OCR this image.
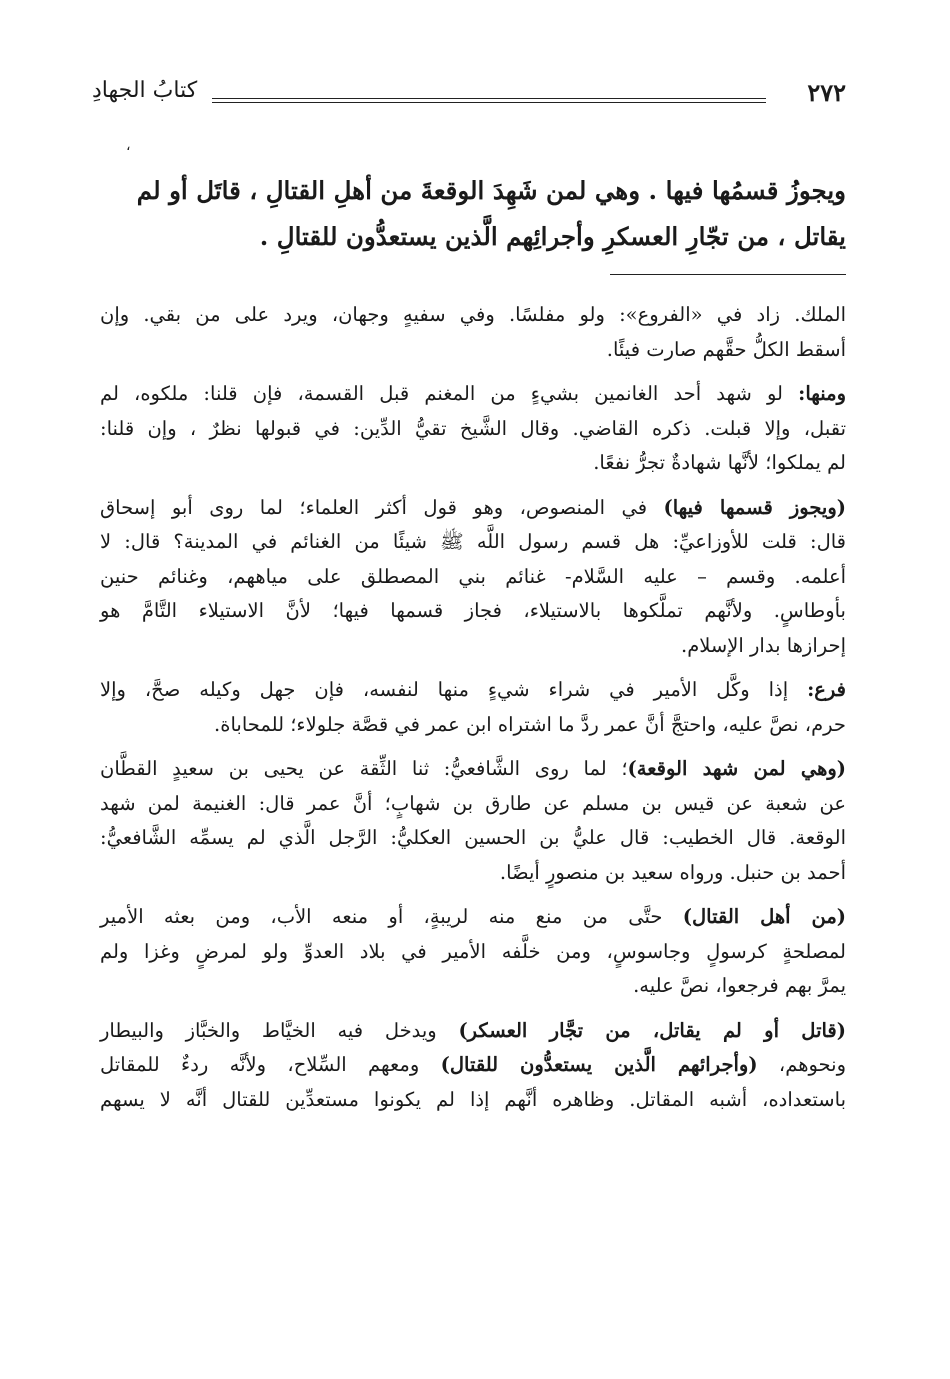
٢٧٢
كتابُ الجهادِ
،
ويجوزُ قسمُها فيها . وهي لمن شَهِدَ الوقعةَ من أهلِ القتالِ ، قاتَل أو لم
يقاتل ، من تجّارِ العسكرِ وأجرائِهم الَّذين يستعدُّون للقتالِ .
الملك. زاد في «الفروع»: ولو مفلسًا. وفي سفيهٍ وجهان، ويرد على من بقي. وإن
أسقط الكلُّ حقَّهم صارت فيئًا.
ومنها: لو شهد أحد الغانمين بشيءٍ من المغنم قبل القسمة، فإن قلنا: ملكوه، لم
تقبل، وإلا قبلت. ذكره القاضي. وقال الشَّيخ تقيُّ الدِّين: في قبولها نظرٌ ، وإن قلنا:
لم يملكوا؛ لأنَّها شهادةٌ تجرُّ نفعًا.
(ويجوز قسمها فيها) في المنصوص، وهو قول أكثر العلماء؛ لما روى أبو إسحاق
قال: قلت للأوزاعيِّ: هل قسم رسول اللَّه ﷺ شيئًا من الغنائم في المدينة؟ قال: لا
أعلمه. وقسم – عليه السَّلام- غنائم بني المصطلق على مياههم، وغنائم حنين
بأوطاسٍ. ولأنَّهم تملَّكوها بالاستيلاء، فجاز قسمها فيها؛ لأنَّ الاستيلاء التَّامَّ هو
إحرازها بدار الإسلام.
فرع: إذا وكَّل الأمير في شراء شيءٍ منها لنفسه، فإن جهل وكيله صحَّ، وإلا
حرم، نصَّ عليه، واحتجَّ أنَّ عمر ردَّ ما اشتراه ابن عمر في قصَّة جلولاء؛ للمحاباة.
(وهي لمن شهد الوقعة)؛ لما روى الشَّافعيُّ: ثنا الثِّقة عن يحيى بن سعيدٍ القطَّان
عن شعبة عن قيس بن مسلم عن طارق بن شهابٍ؛ أنَّ عمر قال: الغنيمة لمن شهد
الوقعة. قال الخطيب: قال عليُّ بن الحسين العكليُّ: الرَّجل الَّذي لم يسمِّه الشَّافعيُّ:
أحمد بن حنبل. ورواه سعيد بن منصورٍ أيضًا.
(من أهل القتال) حتَّى من منع منه لريبةٍ، أو منعه الأب، ومن بعثه الأمير
لمصلحةٍ كرسولٍ وجاسوسٍ، ومن خلَّفه الأمير في بلاد العدوِّ ولو لمرضٍ وغزا ولم
يمرَّ بهم فرجعوا، نصَّ عليه.
(قاتل أو لم يقاتل، من تجَّار العسكر) ويدخل فيه الخيَّاط والخبَّاز والبيطار
ونحوهم، (وأجرائهم الَّذين يستعدُّون للقتال) ومعهم السِّلاح، ولأنَّه ردءٌ للمقاتل
باستعداده، أشبه المقاتل. وظاهره أنَّهم إذا لم يكونوا مستعدِّين للقتال أنَّه لا يسهم
